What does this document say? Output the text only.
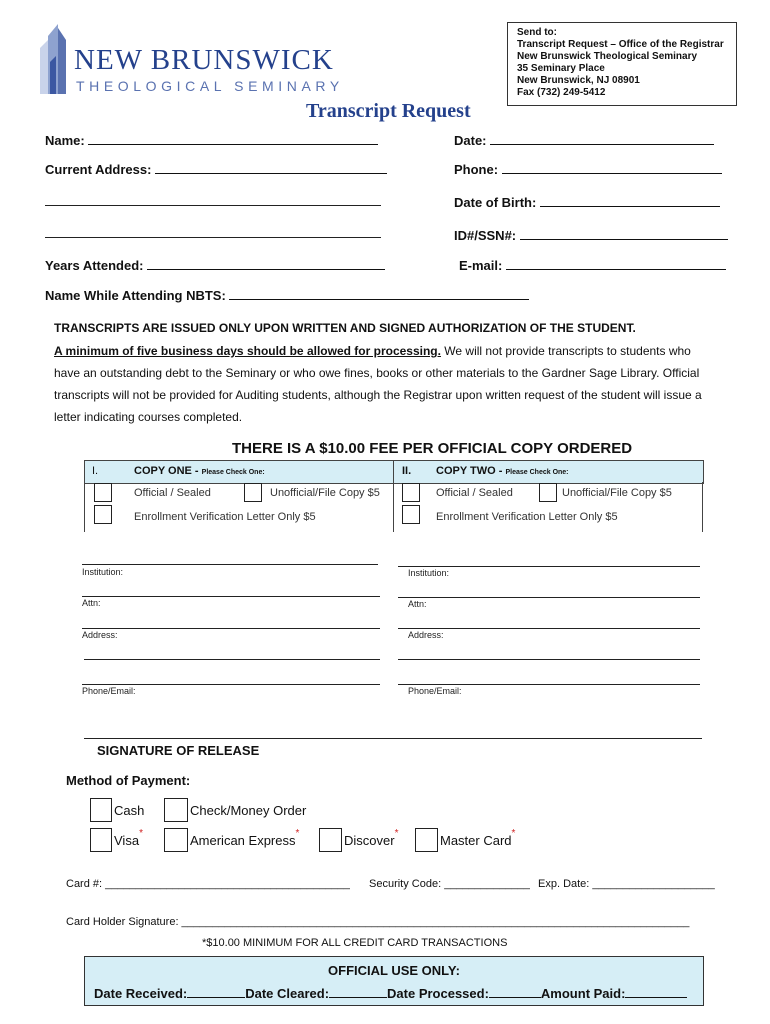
NEW BRUNSWICK
THEOLOGICAL SEMINARY
Send to:
Transcript Request – Office of the Registrar
New Brunswick Theological Seminary
35 Seminary Place
New Brunswick, NJ 08901
Fax (732) 249-5412
Transcript Request
Name:	Date:
Current Address:	Phone:
Date of Birth:
ID#/SSN#:
Years Attended:	E-mail:
Name While Attending NBTS:
TRANSCRIPTS ARE ISSUED ONLY UPON WRITTEN AND SIGNED AUTHORIZATION OF THE STUDENT.
A minimum of five business days should be allowed for processing. We will not provide transcripts to students who have an outstanding debt to the Seminary or who owe fines, books or other materials to the Gardner Sage Library. Official transcripts will not be provided for Auditing students, although the Registrar upon written request of the student will issue a letter indicating courses completed.
THERE IS A $10.00 FEE PER OFFICIAL COPY ORDERED
I.	COPY ONE - Please Check One:	II. COPY TWO - Please Check One:
Official / Sealed	Unofficial/File Copy $5
Enrollment Verification Letter Only $5
Official / Sealed	Unofficial/File Copy $5
Enrollment Verification Letter Only $5
Institution:
Attn:
Address:
Phone/Email:
Institution:
Attn:
Address:
Phone/Email:
SIGNATURE OF RELEASE
Method of Payment:
Cash	Check/Money Order
Visa*	American Express*	Discover*	Master Card*
Card #: ________________________________________ Security Code: ______________ Exp. Date: ____________________
Card Holder Signature: ___________________________________________________________________________________
*$10.00 MINIMUM FOR ALL CREDIT CARD TRANSACTIONS
OFFICIAL USE ONLY:
Date Received:	Date Cleared:	Date Processed:	Amount Paid:
